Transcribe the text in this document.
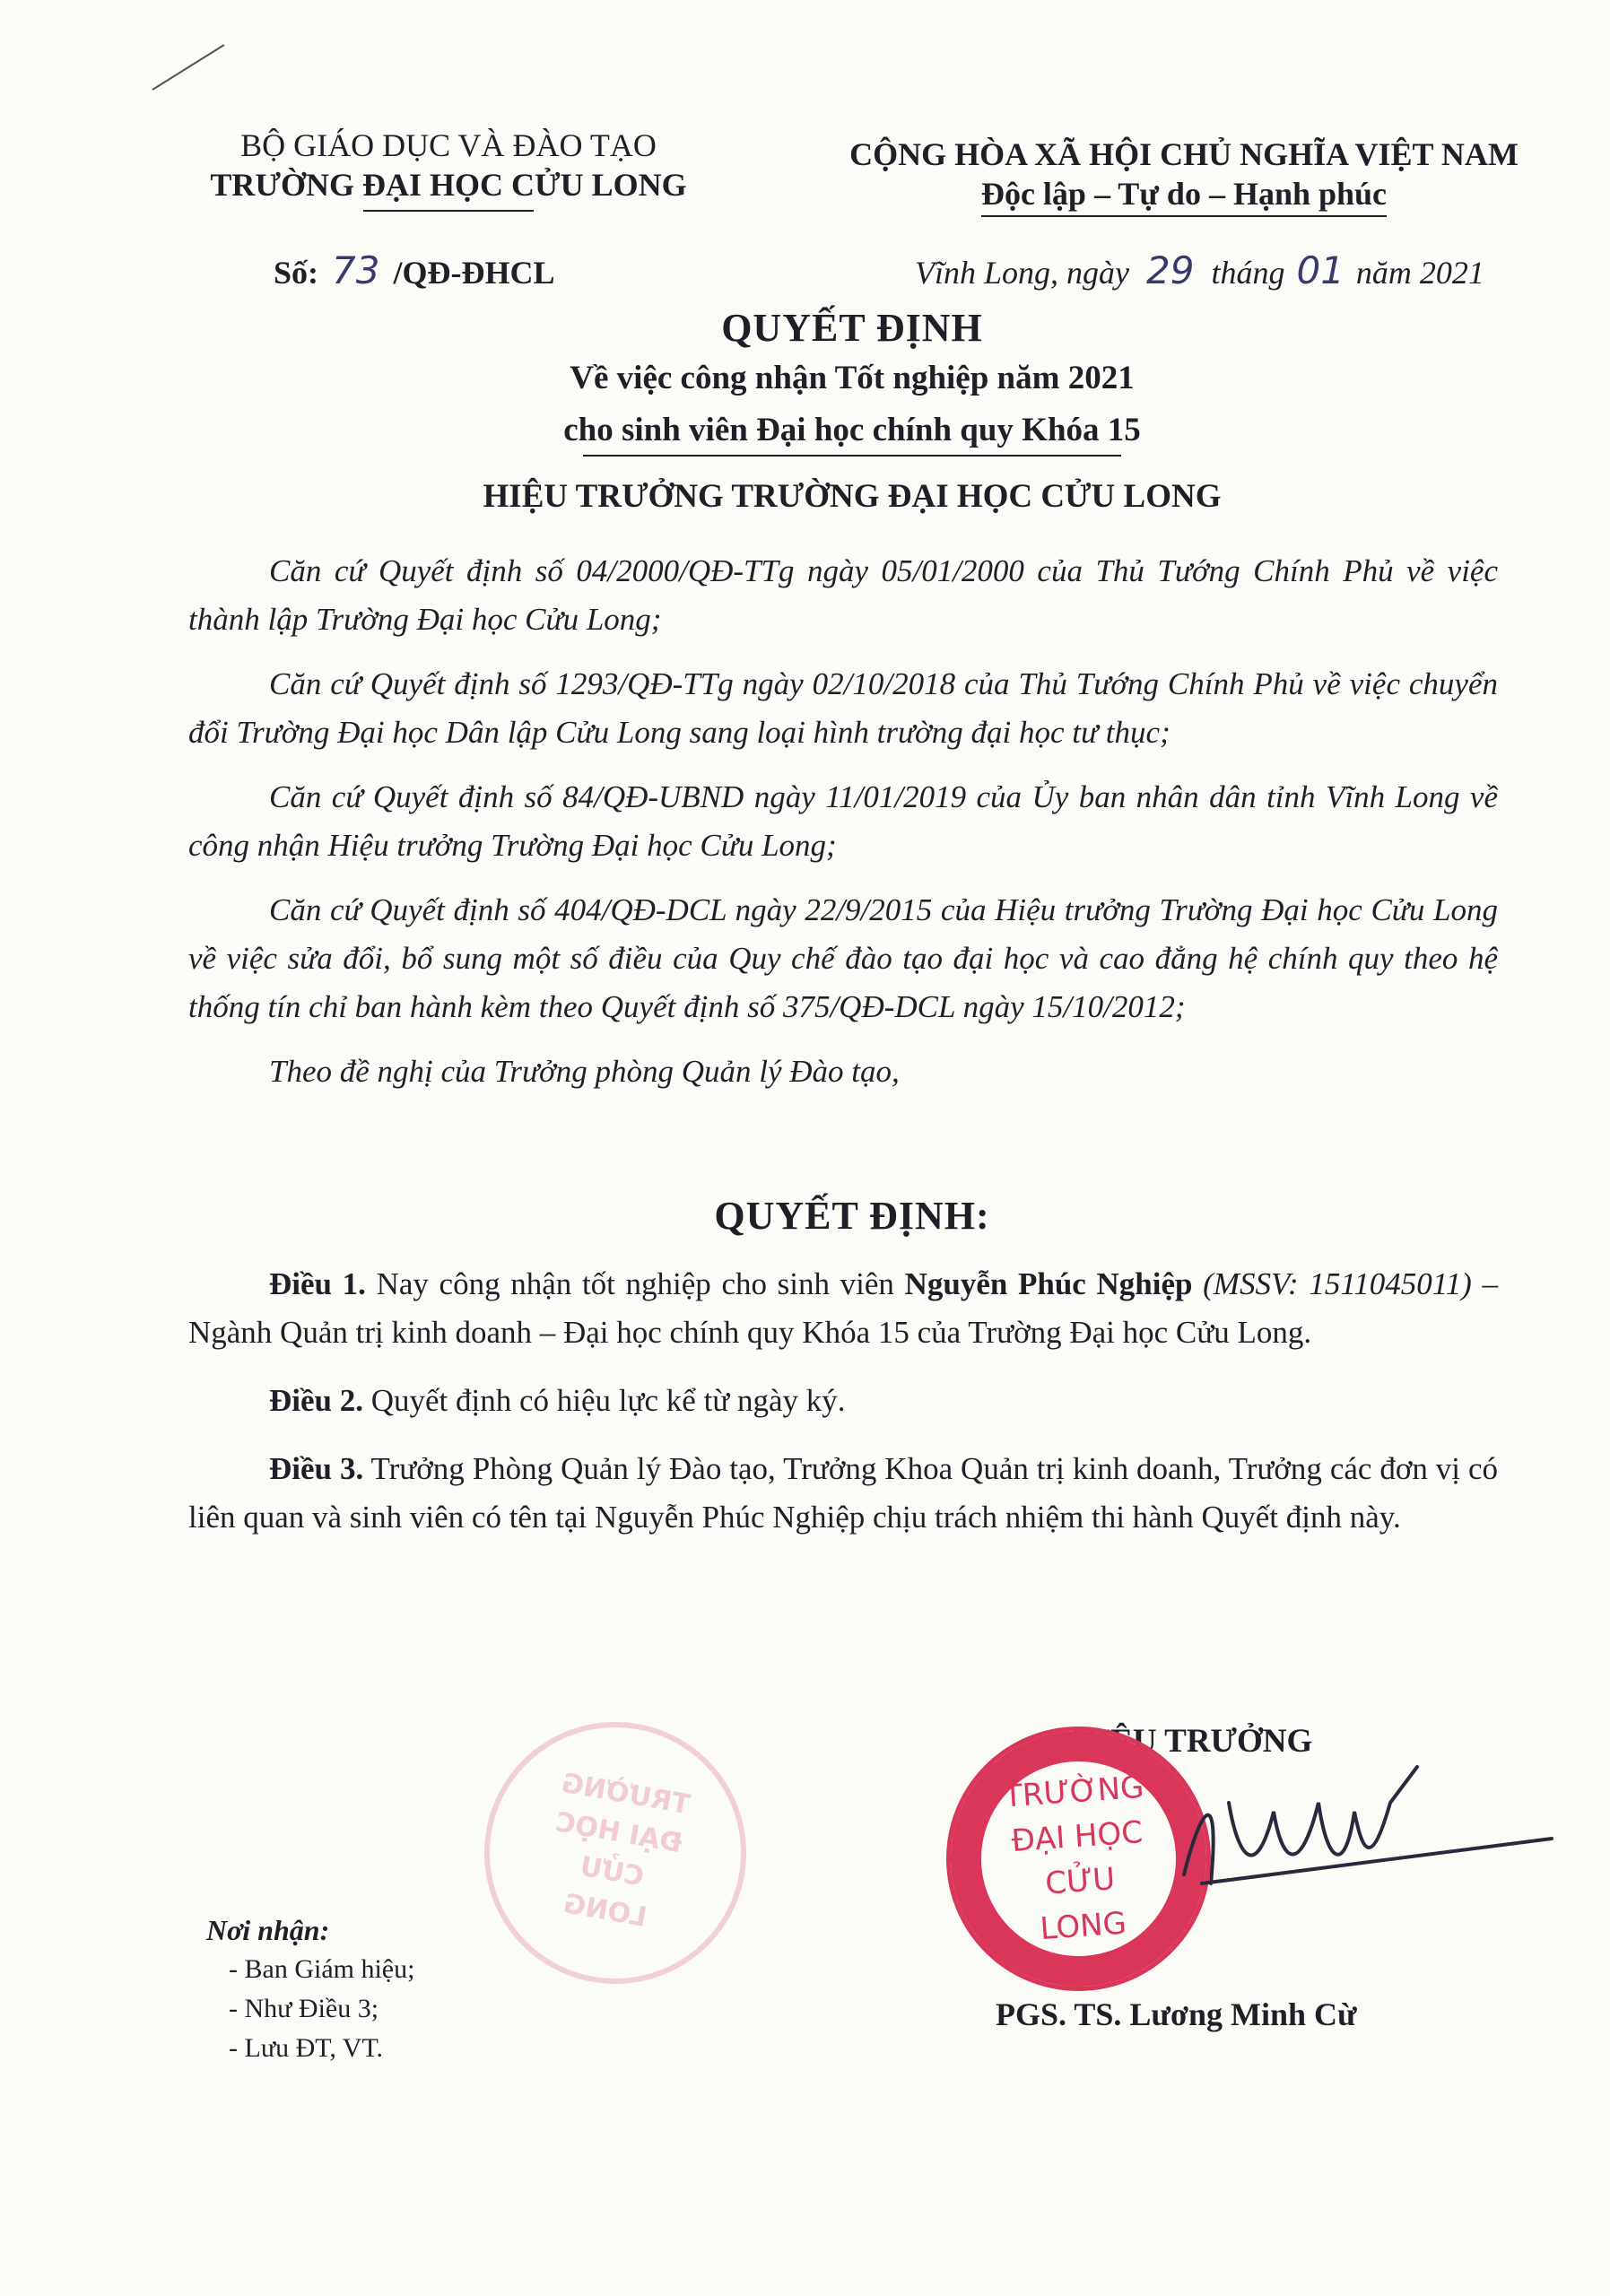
BỘ GIÁO DỤC VÀ ĐÀO TẠO
TRƯỜNG ĐẠI HỌC CỬU LONG
Số: 73 /QĐ-ĐHCL
CỘNG HÒA XÃ HỘI CHỦ NGHĨA VIỆT NAM
Độc lập – Tự do – Hạnh phúc
Vĩnh Long, ngày 29 tháng 01 năm 2021
QUYẾT ĐỊNH
Về việc công nhận Tốt nghiệp năm 2021
cho sinh viên Đại học chính quy Khóa 15
HIỆU TRƯỞNG TRƯỜNG ĐẠI HỌC CỬU LONG

Căn cứ Quyết định số 04/2000/QĐ-TTg ngày 05/01/2000 của Thủ Tướng Chính Phủ về việc thành lập Trường Đại học Cửu Long;

Căn cứ Quyết định số 1293/QĐ-TTg ngày 02/10/2018 của Thủ Tướng Chính Phủ về việc chuyển đổi Trường Đại học Dân lập Cửu Long sang loại hình trường đại học tư thục;

Căn cứ Quyết định số 84/QĐ-UBND ngày 11/01/2019 của Ủy ban nhân dân tỉnh Vĩnh Long về công nhận Hiệu trưởng Trường Đại học Cửu Long;

Căn cứ Quyết định số 404/QĐ-DCL ngày 22/9/2015 của Hiệu trưởng Trường Đại học Cửu Long về việc sửa đổi, bổ sung một số điều của Quy chế đào tạo đại học và cao đẳng hệ chính quy theo hệ thống tín chỉ ban hành kèm theo Quyết định số 375/QĐ-DCL ngày 15/10/2012;

Theo đề nghị của Trưởng phòng Quản lý Đào tạo,

QUYẾT ĐỊNH:

Điều 1. Nay công nhận tốt nghiệp cho sinh viên Nguyễn Phúc Nghiệp (MSSV: 1511045011) – Ngành Quản trị kinh doanh – Đại học chính quy Khóa 15 của Trường Đại học Cửu Long.

Điều 2. Quyết định có hiệu lực kể từ ngày ký.

Điều 3. Trưởng Phòng Quản lý Đào tạo, Trưởng Khoa Quản trị kinh doanh, Trưởng các đơn vị có liên quan và sinh viên có tên tại Nguyễn Phúc Nghiệp chịu trách nhiệm thi hành Quyết định này.

TRƯỜNG ĐẠI HỌC CỬU LONG
HIỆU TRƯỞNG
TRƯỜNG ĐẠI HỌC CỬU LONG
PGS. TS. Lương Minh Cừ
Nơi nhận:
- Ban Giám hiệu;
- Như Điều 3;
- Lưu ĐT, VT.
